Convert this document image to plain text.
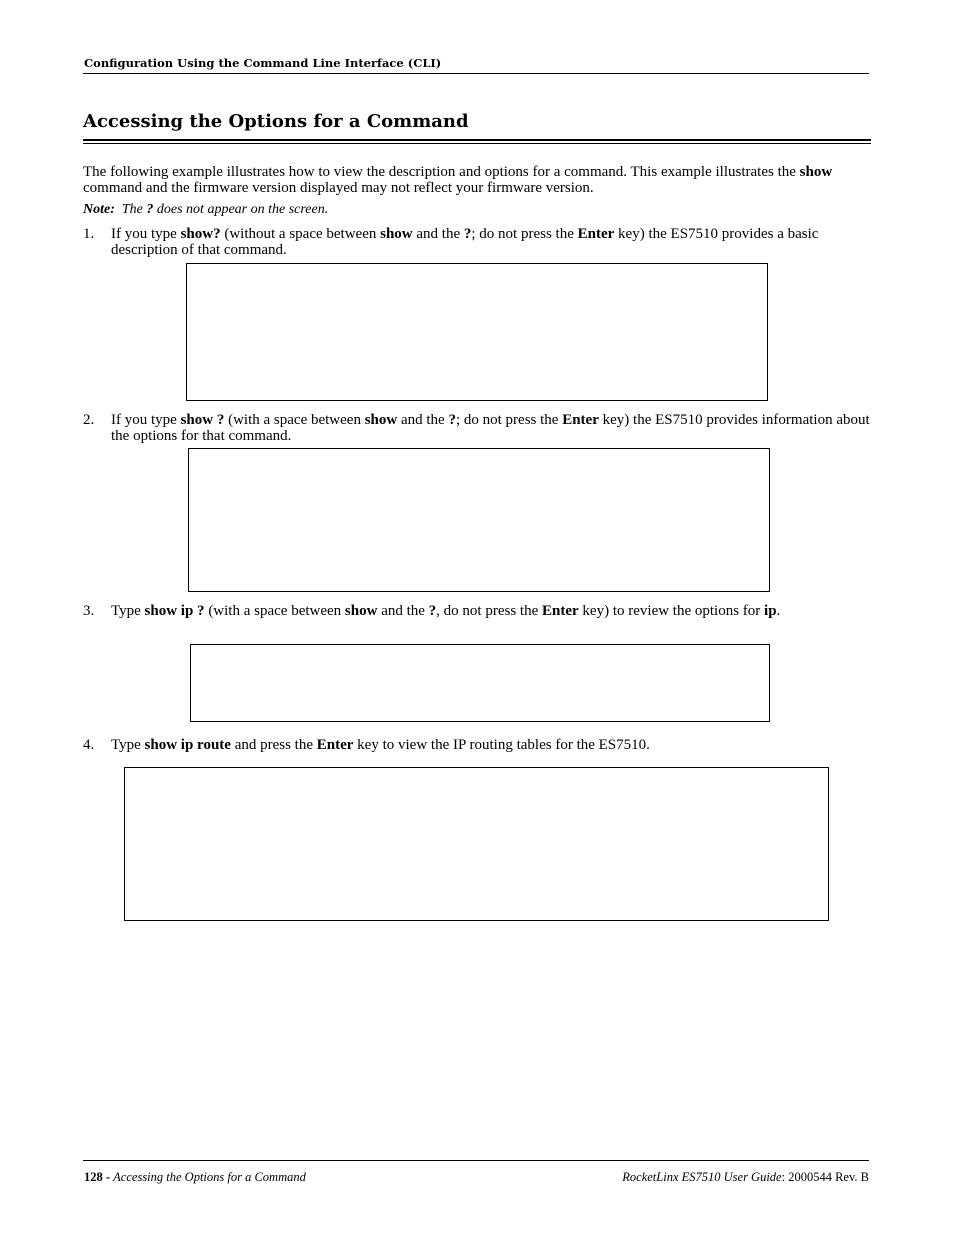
Configuration Using the Command Line Interface (CLI)
Accessing the Options for a Command
The following example illustrates how to view the description and options for a command. This example illustrates the show command and the firmware version displayed may not reflect your firmware version.
Note: The ? does not appear on the screen.
1. If you type show? (without a space between show and the ?; do not press the Enter key) the ES7510 provides a basic description of that command.
2. If you type show ? (with a space between show and the ?; do not press the Enter key) the ES7510 provides information about the options for that command.
3. Type show ip ? (with a space between show and the ?, do not press the Enter key) to review the options for ip.
4. Type show ip route and press the Enter key to view the IP routing tables for the ES7510.
128 - Accessing the Options for a Command	RocketLinx ES7510 User Guide: 2000544 Rev. B
